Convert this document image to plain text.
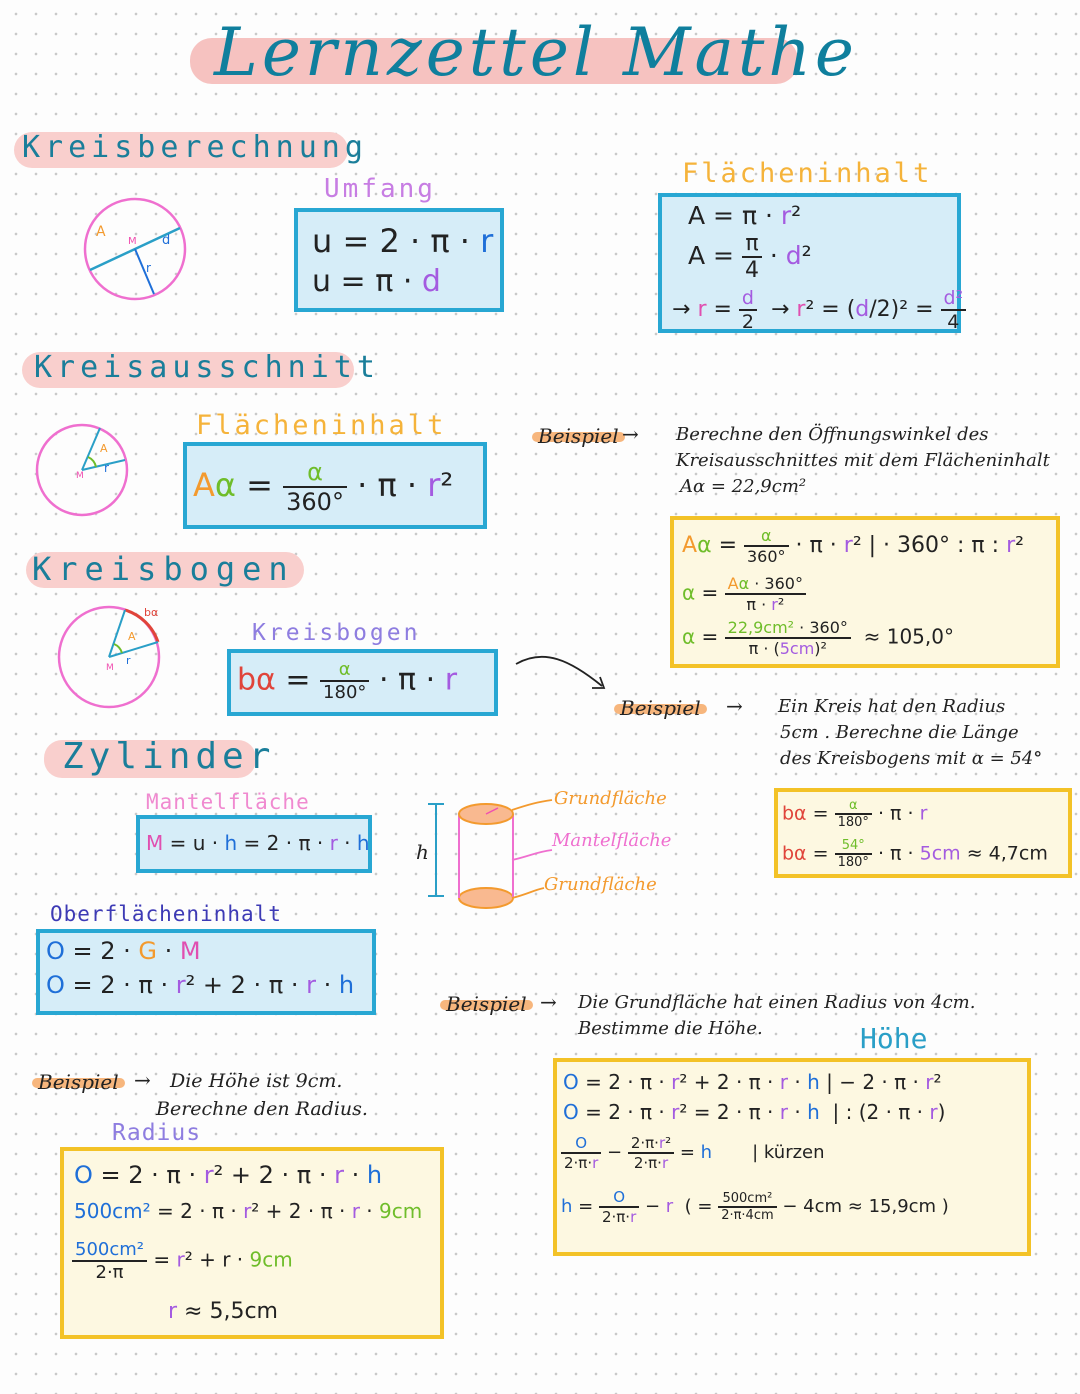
Lernzettel Mathe
Kreisberechnung
A
M d
r
Umfang
u = 2 · π · r
u = π · d
Flächeninhalt
A = π · r²
$A = \frac{\pi}{4} \cdot d^2$
→ $r = \frac{d}{2} \to r^2 = (d/2)^2 = \frac{\text{d²}}{4}$
Kreisausschnitt
M
A
r
Flächeninhalt
$A\alpha = \frac{\alpha}{360^\circ} \cdot \pi \cdot r^2$
Beispiel → Berechne den Öffnungswinkel des
Kreisausschnittes mit dem Flächeninhalt
Aα = 22,9cm²
$A\alpha = \frac{\alpha}{360^\circ} \cdot \pi \cdot r^2$ | · 360° : π : r²
$\alpha = \frac{A\alpha \cdot 360^\circ}{\text{π · r²}}$
$\alpha = \frac{\text{22,9cm² · 360°}}{\text{π · (5cm)²}} \approx 105,0^\circ$
Kreisbogen
bα
A
M
r
Kreisbogen
$b\alpha = \frac{\alpha}{180^\circ} \cdot \pi \cdot r$
Beispiel → Ein Kreis hat den Radius
5cm . Berechne die Länge
des Kreisbogens mit α = 54°
$b\alpha = \frac{\alpha}{180^\circ} \cdot \pi \cdot r$
$b\alpha = \frac{54^\circ}{180^\circ} \cdot \pi \cdot 5cm \approx 4,7cm$
Zylinder
Mantelfläche
M = u · h = 2 · π · r · h h
Grundfläche
Mantelfläche
Grundfläche
Oberflächeninhalt
O = 2 · G · M
O = 2 · π · r² + 2 · π · r · h
Beispiel → Die Grundfläche hat einen Radius von 4cm.
Bestimme die Höhe.	Höhe
O = 2 · π · r² + 2 · π · r · h | − 2 · π · r²
O = 2 · π · r² = 2 · π · r · h  | : (2 · π · r)
$\frac{O}{2\cdot\pi\cdot r} - \frac{\text{2·π·r²}}{2\cdot\pi\cdot r} = h$       | kürzen
$h = \frac{O}{2\cdot\pi\cdot r} - r$  ( = $\frac{\text{500cm²}}{2\cdot\pi\cdot 4cm} - 4cm \approx 15,9cm$ )
Beispiel → Die Höhe ist 9cm.
Berechne den Radius.
Radius
O = 2 · π · r² + 2 · π · r · h
500cm² = 2 · π · r² + 2 · π · r · 9cm
$\frac{\text{500cm²}}{2\cdot\pi} = r^2 + r \cdot 9cm$
r ≈ 5,5cm
